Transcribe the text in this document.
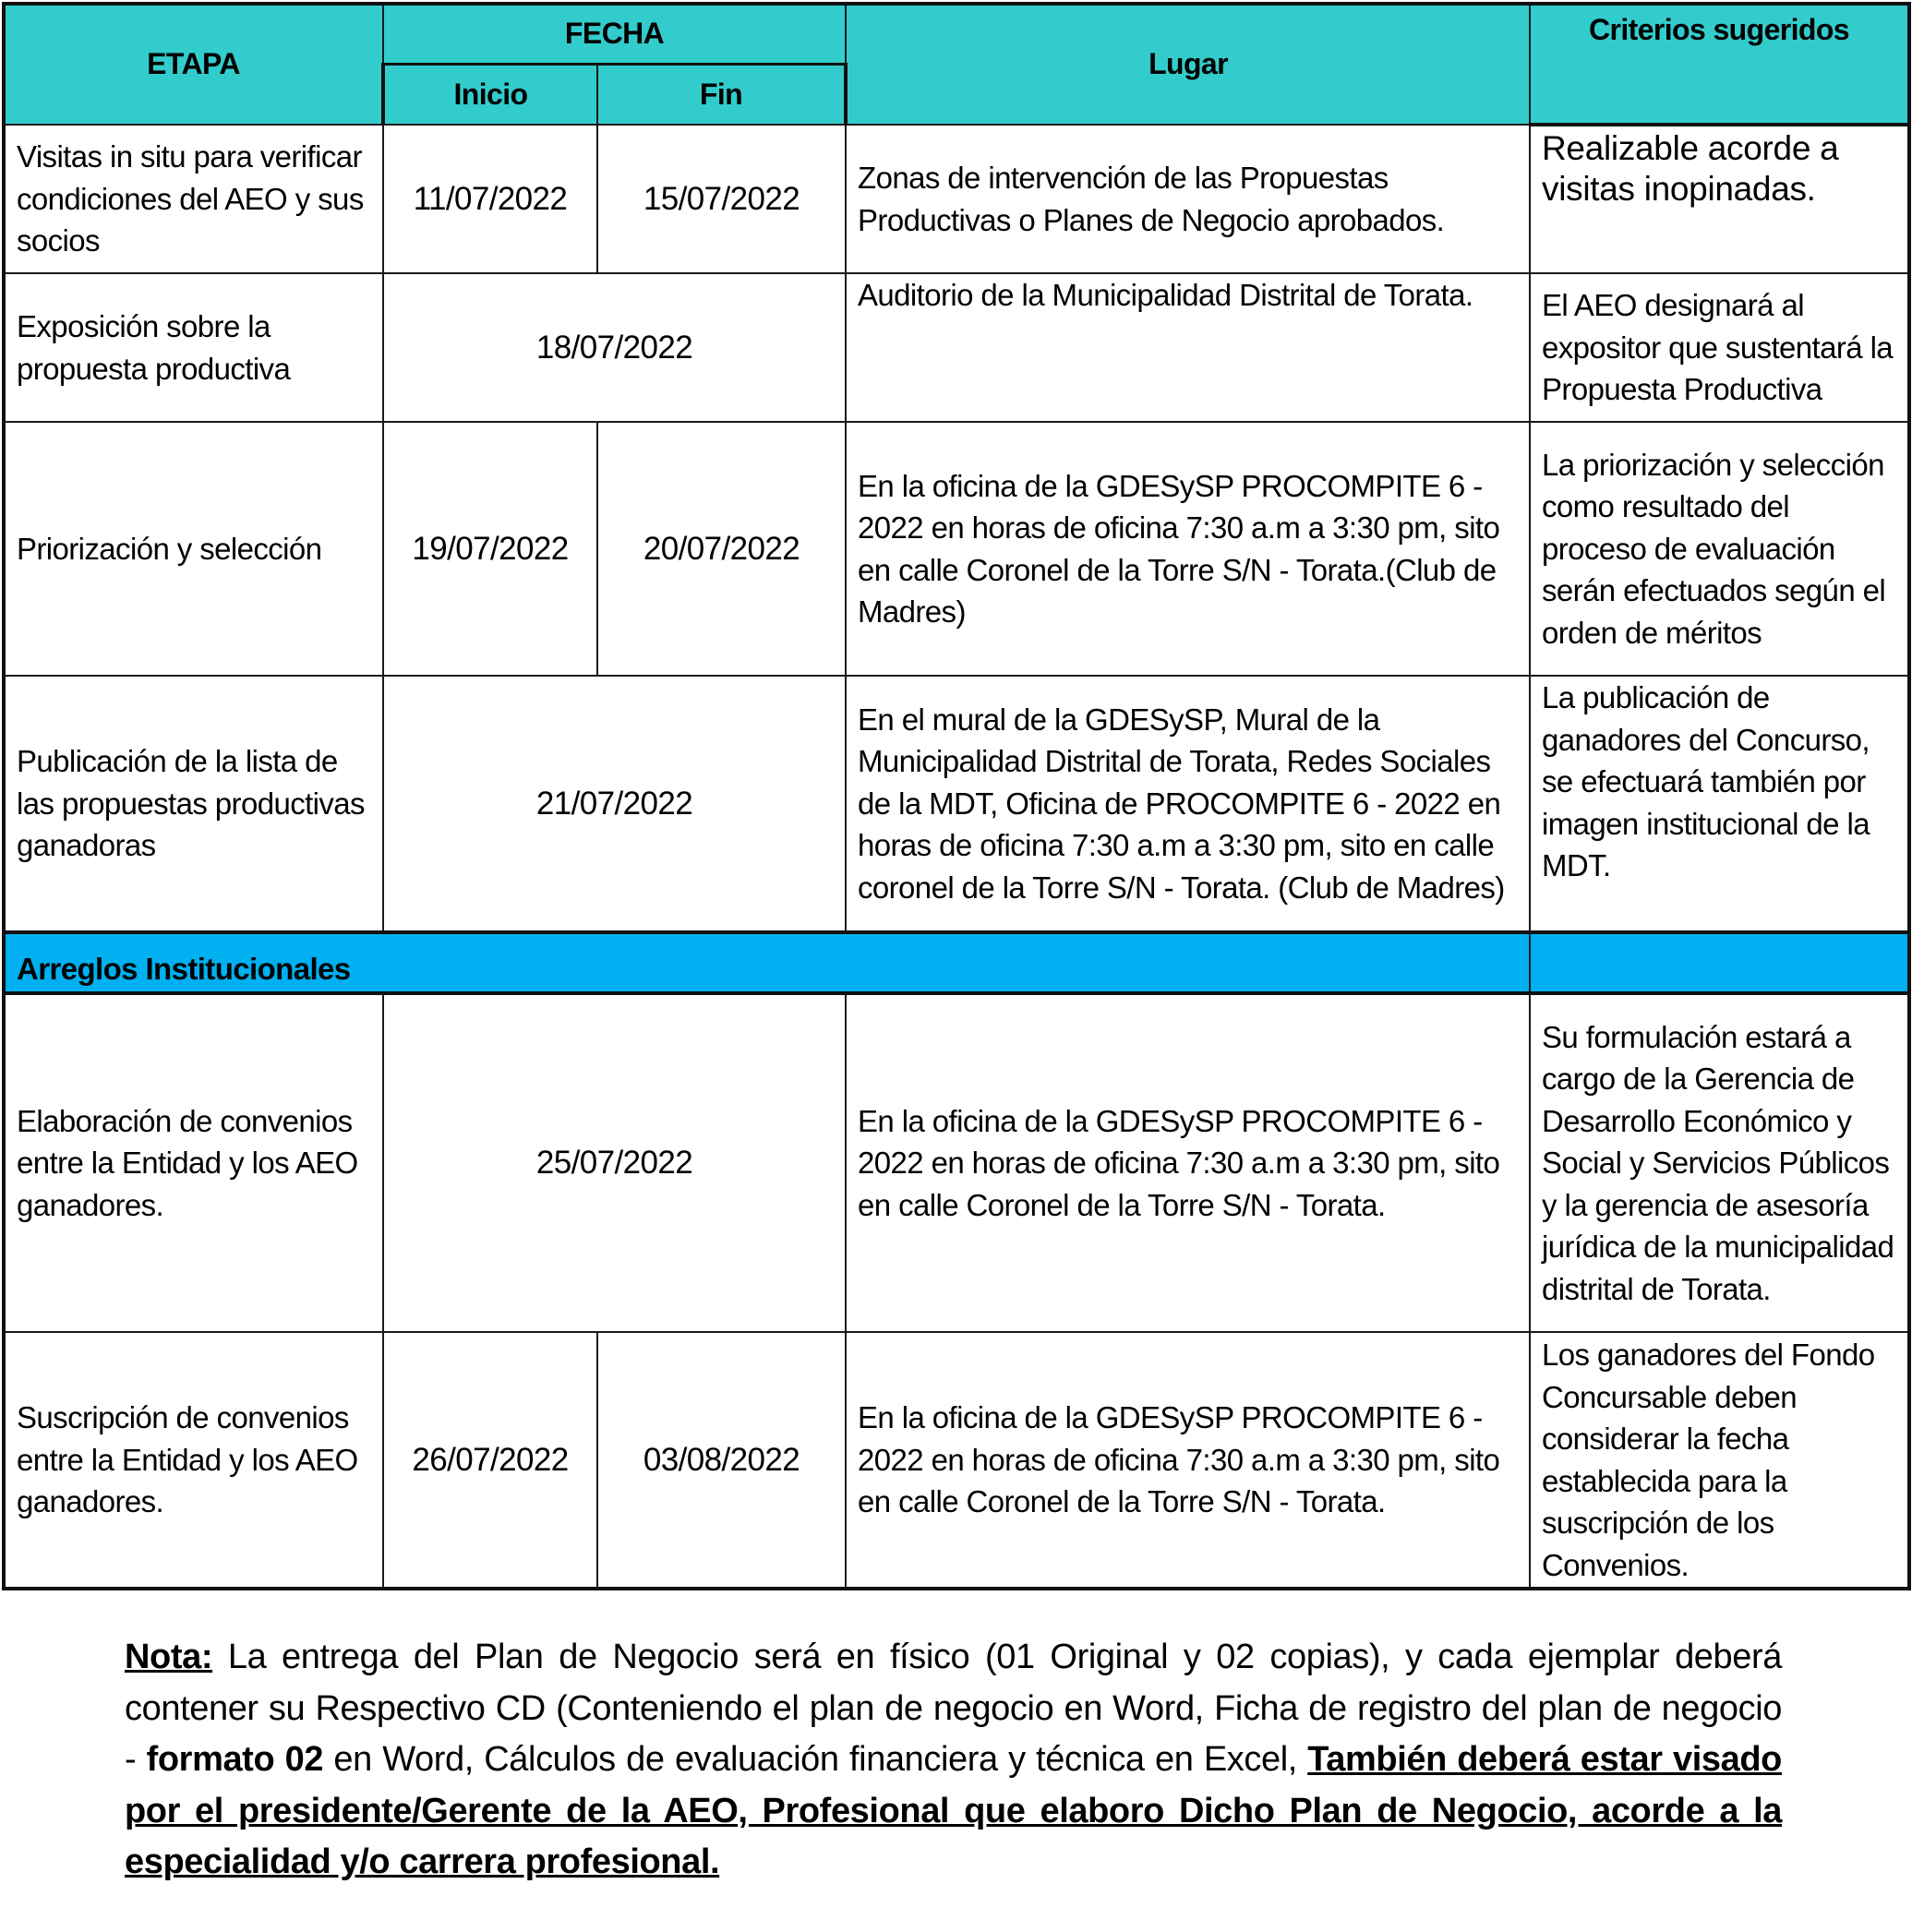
ETAPA	FECHA		Lugar	Criterios sugeridos
	Inicio	Fin		
Visitas in situ para verificar condiciones del AEO y sus socios	11/07/2022	15/07/2022	Zonas de intervención de las Propuestas Productivas o Planes de Negocio aprobados.	Realizable acorde a visitas inopinadas.
Exposición sobre la propuesta productiva	18/07/2022		Auditorio de la Municipalidad Distrital de Torata.	El AEO designará al expositor que sustentará la Propuesta Productiva
Priorización y selección	19/07/2022	20/07/2022	En la oficina de la GDESySP PROCOMPITE 6 - 2022 en horas de oficina 7:30 a.m a 3:30 pm, sito en calle Coronel de la Torre S/N - Torata.(Club de Madres)	La priorización y selección como resultado del proceso de evaluación serán efectuados según el orden de méritos
Publicación de la lista de las propuestas productivas ganadoras	21/07/2022		En el mural de la GDESySP, Mural de la Municipalidad Distrital de Torata, Redes Sociales de la MDT, Oficina de PROCOMPITE 6 - 2022 en horas de oficina 7:30 a.m a 3:30 pm, sito en calle coronel de la Torre S/N - Torata. (Club de Madres)	La publicación de ganadores del Concurso, se efectuará también por imagen institucional de la MDT.
Arreglos Institucionales				
Elaboración de convenios entre la Entidad y los AEO ganadores.	25/07/2022		En la oficina de la GDESySP PROCOMPITE 6 - 2022 en horas de oficina 7:30 a.m a 3:30 pm, sito en calle Coronel de la Torre S/N - Torata.	Su formulación estará a cargo de la Gerencia de Desarrollo Económico y Social y Servicios Públicos y la gerencia de asesoría jurídica de la municipalidad distrital de Torata.
Suscripción de convenios entre la Entidad y los AEO ganadores.	26/07/2022	03/08/2022	En la oficina de la GDESySP PROCOMPITE 6 - 2022 en horas de oficina 7:30 a.m a 3:30 pm, sito en calle Coronel de la Torre S/N - Torata.	Los ganadores del Fondo Concursable deben considerar la fecha establecida para la suscripción de los Convenios.
Nota: La entrega del Plan de Negocio será en físico (01 Original y 02 copias), y cada ejemplar deberá contener su Respectivo CD (Conteniendo el plan de negocio en Word, Ficha de registro del plan de negocio - formato 02 en Word, Cálculos de evaluación financiera y técnica en Excel, También deberá estar visado por el presidente/Gerente de la AEO, Profesional que elaboro Dicho Plan de Negocio, acorde a la especialidad y/o carrera profesional.
